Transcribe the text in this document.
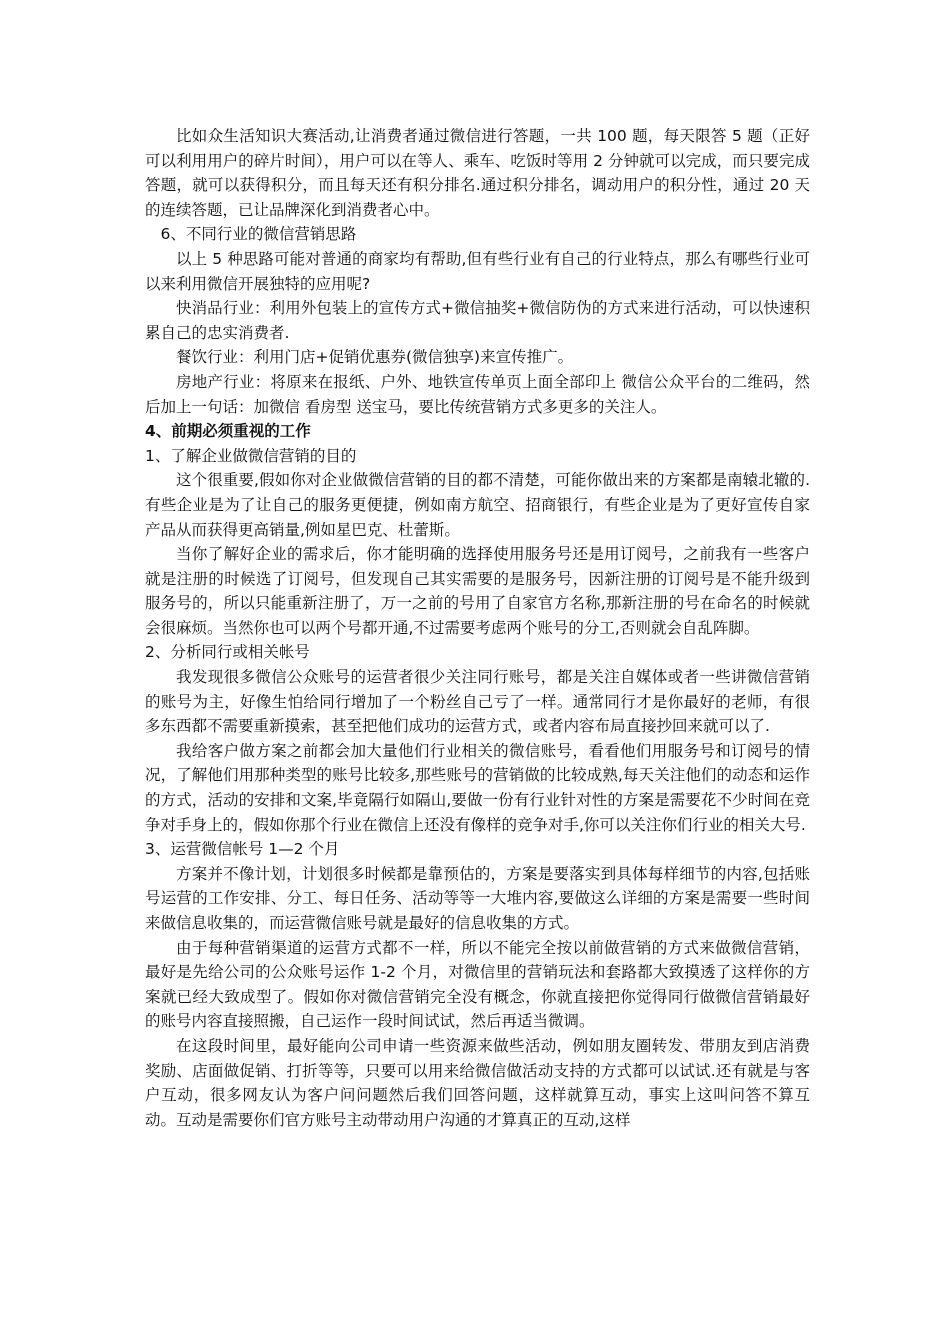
比如众生活知识大赛活动,让消费者通过微信进行答题，一共 100 题，每天限答 5 题（正好可以利用用户的碎片时间），用户可以在等人、乘车、吃饭时等用 2 分钟就可以完成，而只要完成答题，就可以获得积分，而且每天还有积分排名.通过积分排名，调动用户的积分性，通过 20 天的连续答题，已让品牌深化到消费者心中。

6、不同行业的微信营销思路

以上 5 种思路可能对普通的商家均有帮助,但有些行业有自己的行业特点，那么有哪些行业可以来利用微信开展独特的应用呢?

快消品行业：利用外包装上的宣传方式+微信抽奖+微信防伪的方式来进行活动，可以快速积累自己的忠实消费者.

餐饮行业：利用门店+促销优惠券(微信独享)来宣传推广。

房地产行业：将原来在报纸、户外、地铁宣传单页上面全部印上 微信公众平台的二维码，然后加上一句话：加微信 看房型 送宝马，要比传统营销方式多更多的关注人。

4、前期必须重视的工作

1、了解企业做微信营销的目的

这个很重要,假如你对企业做微信营销的目的都不清楚，可能你做出来的方案都是南辕北辙的.有些企业是为了让自己的服务更便捷，例如南方航空、招商银行，有些企业是为了更好宣传自家产品从而获得更高销量,例如星巴克、杜蕾斯。

当你了解好企业的需求后，你才能明确的选择使用服务号还是用订阅号，之前我有一些客户就是注册的时候选了订阅号，但发现自己其实需要的是服务号，因新注册的订阅号是不能升级到服务号的，所以只能重新注册了，万一之前的号用了自家官方名称,那新注册的号在命名的时候就会很麻烦。当然你也可以两个号都开通,不过需要考虑两个账号的分工,否则就会自乱阵脚。

2、分析同行或相关帐号

我发现很多微信公众账号的运营者很少关注同行账号，都是关注自媒体或者一些讲微信营销的账号为主，好像生怕给同行增加了一个粉丝自己亏了一样。通常同行才是你最好的老师，有很多东西都不需要重新摸索，甚至把他们成功的运营方式，或者内容布局直接抄回来就可以了.

我给客户做方案之前都会加大量他们行业相关的微信账号，看看他们用服务号和订阅号的情况，了解他们用那种类型的账号比较多,那些账号的营销做的比较成熟,每天关注他们的动态和运作的方式，活动的安排和文案,毕竟隔行如隔山,要做一份有行业针对性的方案是需要花不少时间在竞争对手身上的，假如你那个行业在微信上还没有像样的竞争对手,你可以关注你们行业的相关大号.

3、运营微信帐号 1—2 个月

方案并不像计划，计划很多时候都是靠预估的，方案是要落实到具体每样细节的内容,包括账号运营的工作安排、分工、每日任务、活动等等一大堆内容,要做这么详细的方案是需要一些时间来做信息收集的，而运营微信账号就是最好的信息收集的方式。

由于每种营销渠道的运营方式都不一样，所以不能完全按以前做营销的方式来做微信营销，最好是先给公司的公众账号运作 1-2 个月，对微信里的营销玩法和套路都大致摸透了这样你的方案就已经大致成型了。假如你对微信营销完全没有概念，你就直接把你觉得同行做微信营销最好的账号内容直接照搬，自己运作一段时间试试，然后再适当微调。

在这段时间里，最好能向公司申请一些资源来做些活动，例如朋友圈转发、带朋友到店消费奖励、店面做促销、打折等等，只要可以用来给微信做活动支持的方式都可以试试.还有就是与客户互动，很多网友认为客户问问题然后我们回答问题，这样就算互动，事实上这叫问答不算互动。互动是需要你们官方账号主动带动用户沟通的才算真正的互动,这样
